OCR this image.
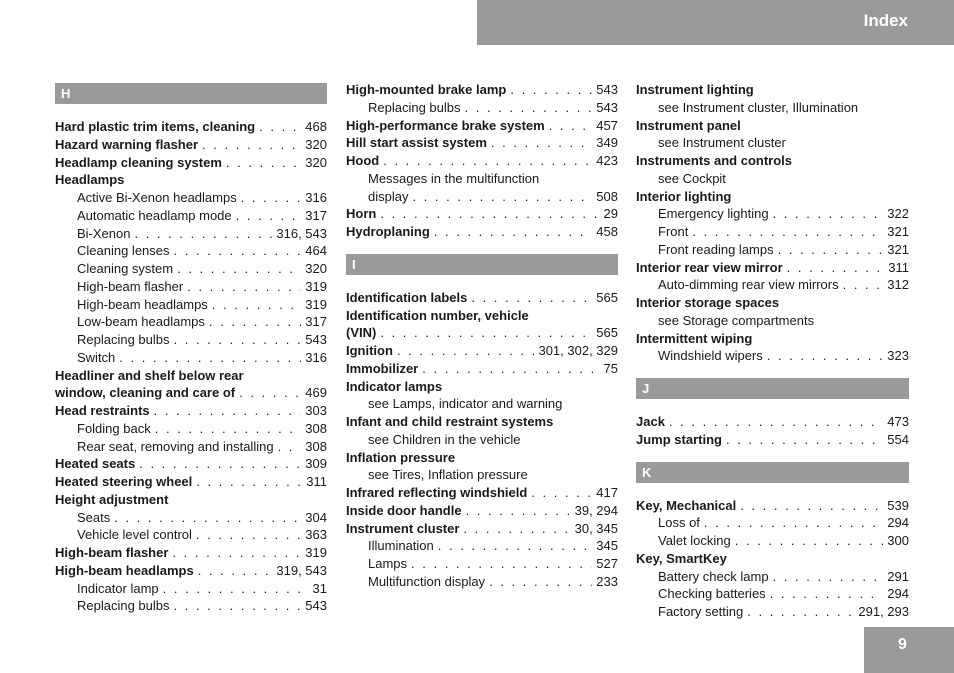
Index
H
Hard plastic trim items, cleaning . . .	468
Hazard warning flasher . . .	320
Headlamp cleaning system . . .	320
Headlamps
Active Bi-Xenon headlamps . . .	316
Automatic headlamp mode . . .	317
Bi-Xenon . . .	316, 543
Cleaning lenses . . .	464
Cleaning system . . .	320
High-beam flasher . . .	319
High-beam headlamps . . .	319
Low-beam headlamps . . .	317
Replacing bulbs . . .	543
Switch . . .	316
Headliner and shelf below rear
window, cleaning and care of . . .	469
Head restraints . . .	303
Folding back . . .	308
Rear seat, removing and installing . . . 308
Heated seats . . .	309
Heated steering wheel . . .	311
Height adjustment
Seats . . .	304
Vehicle level control . . .	363
High-beam flasher . . .	319
High-beam headlamps . . .	319, 543
Indicator lamp . . .	31
Replacing bulbs . . .	543
High-mounted brake lamp . . .	543
Replacing bulbs . . .	543
High-performance brake system . . .	457
Hill start assist system . . .	349
Hood . . .	423
Messages in the multifunction
display . . .	508
Horn . . .	29
Hydroplaning . . .	458
I
Identification labels . . .	565
Identification number, vehicle
(VIN) . . .	565
Ignition . . .	301, 302, 329
Immobilizer . . .	75
Indicator lamps
see Lamps, indicator and warning
Infant and child restraint systems
see Children in the vehicle
Inflation pressure
see Tires, Inflation pressure
Infrared reflecting windshield . . .	417
Inside door handle . . .	39, 294
Instrument cluster . . .	30, 345
Illumination . . .	345
Lamps . . .	527
Multifunction display . . .	233
Instrument lighting
see Instrument cluster, Illumination
Instrument panel
see Instrument cluster
Instruments and controls
see Cockpit
Interior lighting
Emergency lighting . . .	322
Front . . .	321
Front reading lamps . . .	321
Interior rear view mirror . . .	311
Auto-dimming rear view mirrors . . .	312
Interior storage spaces
see Storage compartments
Intermittent wiping
Windshield wipers . . .	323
J
Jack . . .	473
Jump starting . . .	554
K
Key, Mechanical . . .	539
Loss of . . .	294
Valet locking . . .	300
Key, SmartKey
Battery check lamp . . .	291
Checking batteries . . .	294
Factory setting . . .	291, 293
9
